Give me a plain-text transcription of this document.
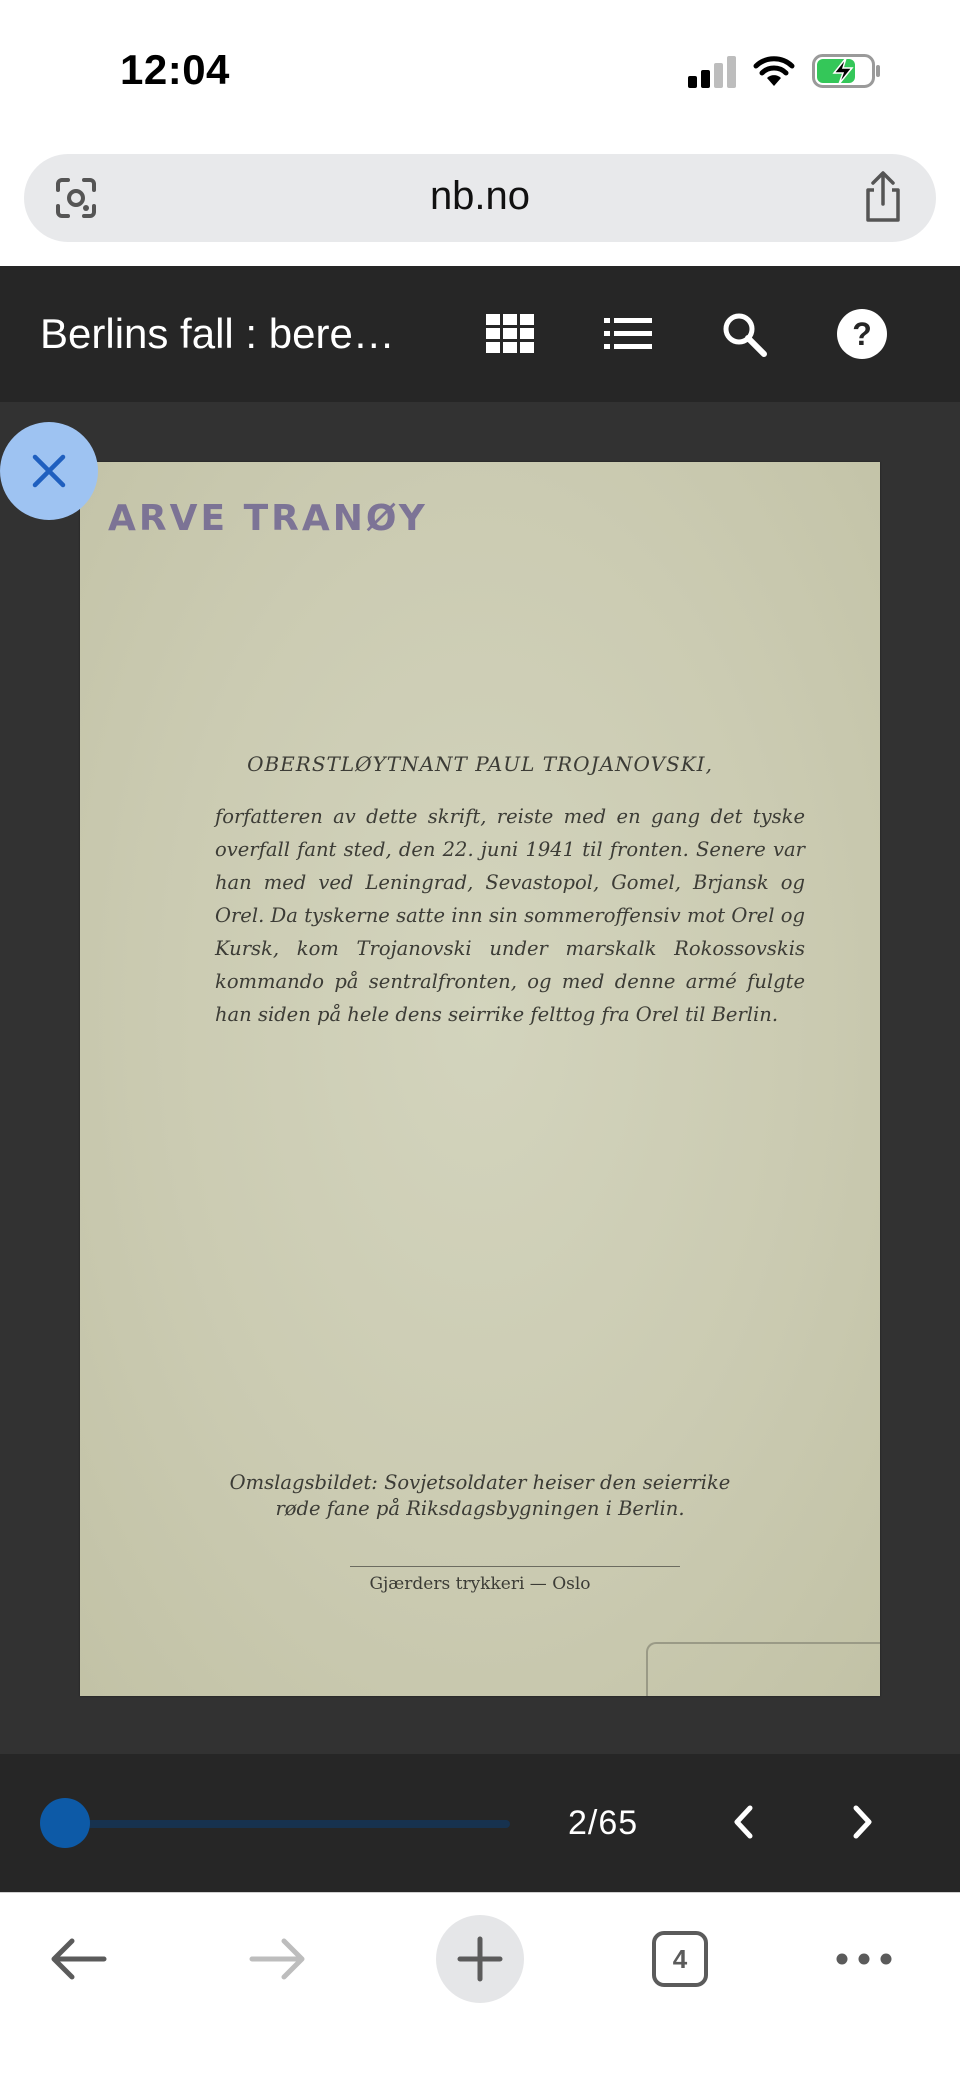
12:04
nb.no
Berlins fall : bere…	?
ARVE TRANØY
OBERSTLØYTNANT PAUL TROJANOVSKI,
forfatteren av dette skrift, reiste med en gang det tyske overfall fant sted, den 22. juni 1941 til fronten. Senere var han med ved Leningrad, Sevastopol, Gomel, Brjansk og Orel. Da tyskerne satte inn sin sommeroffensiv mot Orel og Kursk, kom Trojanovski under marskalk Rokossovskis kommando på sentralfronten, og med denne armé fulgte han siden på hele dens seirrike felttog fra Orel til Berlin.
Omslagsbildet: Sovjetsoldater heiser den seierrike
røde fane på Riksdagsbygningen i Berlin.
Gjærders trykkeri — Oslo
2/65
4
